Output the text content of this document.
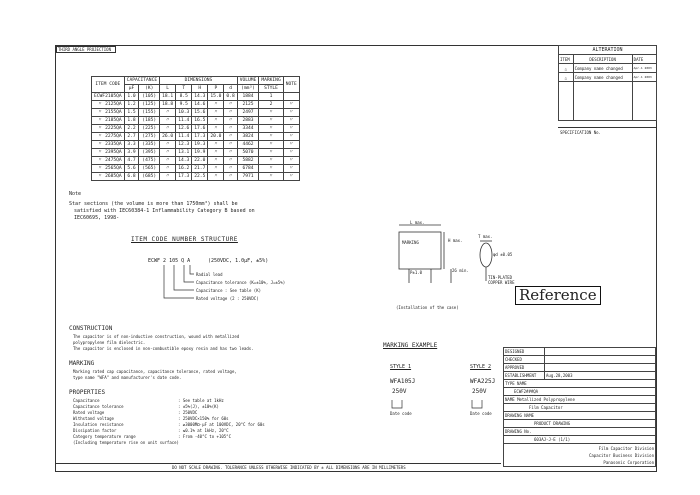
THIRD ANGLE PROJECTION
ITEM CODE	CAPACITANCE		DIMENSIONS					VOLUME	MARKING	NOTE
	μF	(K)	L	T	H	P	d	(mm³)	STYLE	
ECWF2105QA	1.0	(105)	18.1	8.5	14.3	15.0	0.8	1884	1	
〃 2125QA	1.2	(125)	18.8	9.5	14.6	〃	〃	2125	2	〃
〃 2155QA	1.5	(155)	〃	10.3	15.6	〃	〃	2497	〃	〃
〃 2185QA	1.8	(185)	〃	11.4	16.5	〃	〃	2883	〃	〃
〃 2225QA	2.2	(225)	〃	12.6	17.6	〃	〃	3344	〃	〃
〃 2275QA	2.7	(275)	26.0	11.4	17.3	20.0	〃	3824	〃	〃
〃 2335QA	3.3	(335)	〃	12.3	19.3	〃	〃	4462	〃	〃
〃 2395QA	3.9	(395)	〃	13.1	19.9	〃	〃	5070	〃	〃
〃 2475QA	4.7	(475)	〃	14.3	22.0	〃	〃	5882	〃	〃
〃 2565QA	5.6	(565)	〃	16.2	21.7	〃	〃	6784	〃	〃
〃 2685QA	6.8	(685)	〃	17.3	22.5	〃	〃	7971	〃	〃
Note
Star sections (the volume is more than 1750mm³) shall be
satisfied with IEC60384-1 Inflammability Category B based on
IEC60695, 1998-
ITEM CODE NUMBER STRUCTURE
ECWF 2 105 Q A	(250VDC, 1.0μF, ±5%)
Radial lead
Capacitance tolerance (K=±10%, J=±5%)
Capacitance : See table (K)
Rated voltage (2 : 250VDC)
L max.
MARKING	H max.
P±1.0	26 min.
φd ±0.05
T max.
TIN-PLATED
COPPER WIRE
(Installation of the case)
CONSTRUCTION
The capacitor is of non-inductive construction, wound with metallized
polypropylene film dielectric.
The capacitor is enclosed in non-combustible epoxy resin and has two leads.
MARKING
Marking rated cap capacitance, capacitance tolerance, rated voltage,
type name "WFA" and manufacturer's date code.
PROPERTIES
Capacitance	: See table at 1kHz
Capacitance tolerance	: ±5%(J), ±10%(K)
Rated voltage	: 250VDC
Withstand voltage	: 250VDC×150% for 60s
Insulation resistance	: ≥3000MΩ·μF at 100VDC, 20°C for 60s
Dissipation factor	: ≤0.1% at 1kHz, 20°C
Category temperature range	: From -40°C to +105°C
(Including temperature rise on unit surface)
MARKING EXAMPLE
STYLE 1	STYLE 2
WFA105J
250V
WFA225J
250V
Date code	Date code
DO NOT SCALE DRAWING. TOLERANCE UNLESS OTHERWISE INDICATED BY ± ALL DIMENSIONS ARE IN MILLIMETERS
ALTERATION		
ITEM	DESCRIPTION	DATE
△	Company name changed	Apr.1 2003
△	Company name changed	Apr.1 2003

SPECIFICATION No.
Reference
DESIGNED	
CHECKED	
APPROVED	
ESTABLISHMENT	Aug.28,2003
TYPE NAME	
ECWF2###QA	
NAME Metallized Polypropylene	
Film Capacitor	
DRAWING NAME	
PRODUCT DRAWING	
DRAWING No.	
603AJ-J-E (1/1)	

Film Capacitor Division
Capacitor Business Division
Panasonic Corporation	
